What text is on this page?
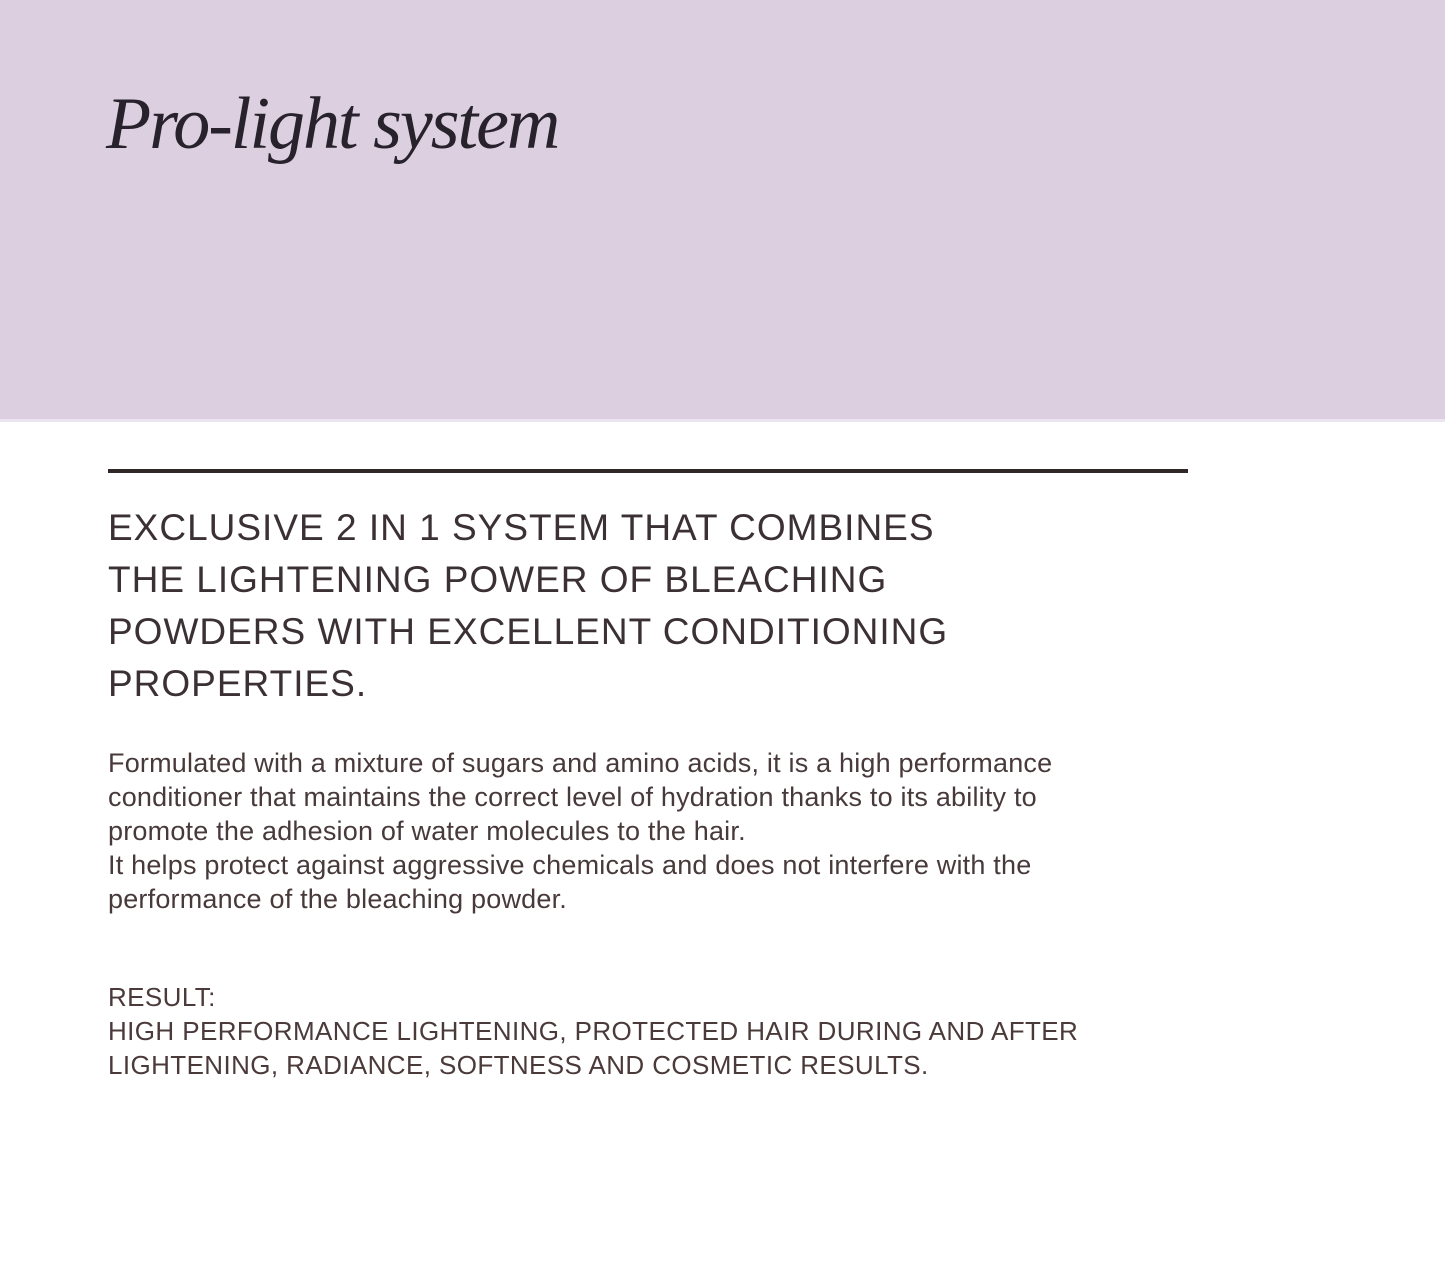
Pro-light system
EXCLUSIVE 2 IN 1 SYSTEM THAT COMBINES
THE LIGHTENING POWER OF BLEACHING
POWDERS WITH EXCELLENT CONDITIONING
PROPERTIES.

Formulated with a mixture of sugars and amino acids, it is a high performance
conditioner that maintains the correct level of hydration thanks to its ability to
promote the adhesion of water molecules to the hair.
It helps protect against aggressive chemicals and does not interfere with the
performance of the bleaching powder.

RESULT:
HIGH PERFORMANCE LIGHTENING, PROTECTED HAIR DURING AND AFTER
LIGHTENING, RADIANCE, SOFTNESS AND COSMETIC RESULTS.
